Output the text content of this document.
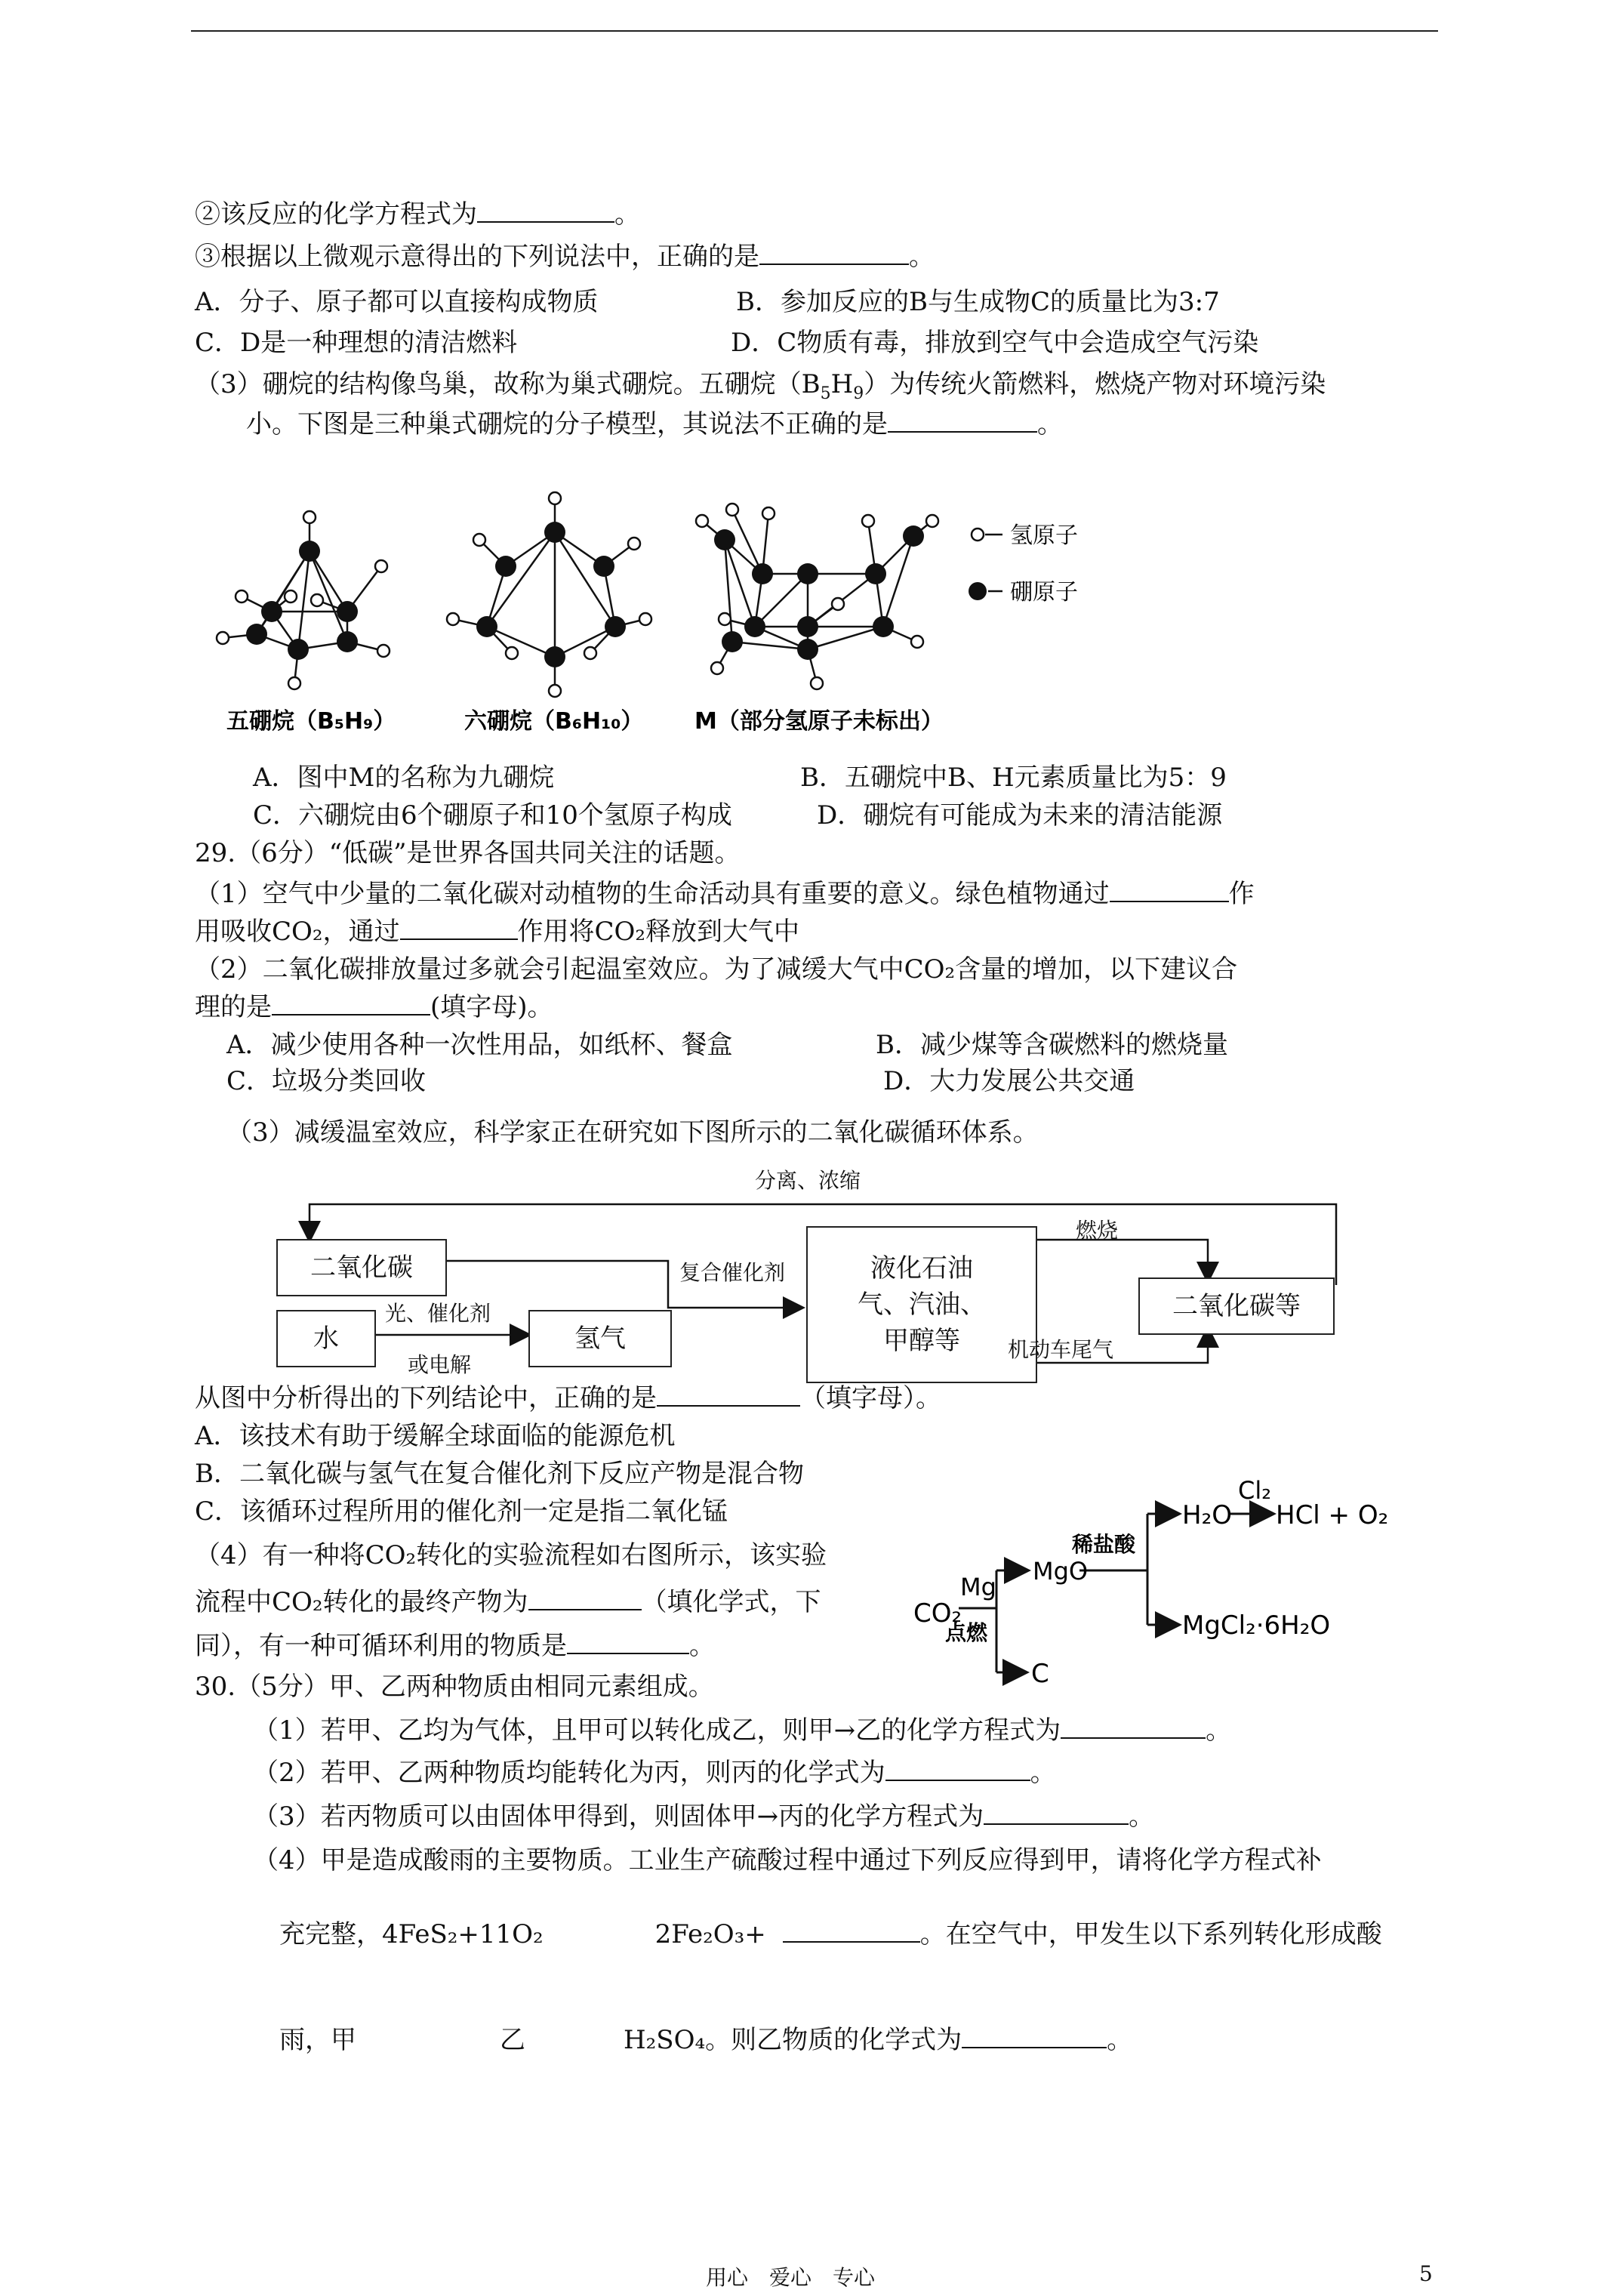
②该反应的化学方程式为	。
③根据以上微观示意得出的下列说法中，正确的是	。
A．分子、原子都可以直接构成物质	B．参加反应的B与生成物C的质量比为3:7
C．D是一种理想的清洁燃料	D．C物质有毒，排放到空气中会造成空气污染
（3）硼烷的结构像鸟巢，故称为巢式硼烷。五硼烷$(B_5H_9)$为传统火箭燃料，燃烧产物对环境污染
小。下图是三种巢式硼烷的分子模型，其说法不正确的是	。
氢原子
硼原子
五硼烷（B₅H₉）	六硼烷（B₆H₁₀） M（部分氢原子未标出）
A．图中M的名称为九硼烷	B．五硼烷中B、H元素质量比为5：9
C．六硼烷由6个硼原子和10个氢原子构成	D．硼烷有可能成为未来的清洁能源
29.（6分）“低碳”是世界各国共同关注的话题。
（1）空气中少量的二氧化碳对动植物的生命活动具有重要的意义。绿色植物通过	作
用吸收CO₂，通过	作用将CO₂释放到大气中
（2）二氧化碳排放量过多就会引起温室效应。为了减缓大气中CO₂含量的增加，以下建议合
理的是	(填字母)。
A．减少使用各种一次性用品，如纸杯、餐盒	B．减少煤等含碳燃料的燃烧量
C．垃圾分类回收	D．大力发展公共交通
（3）减缓温室效应，科学家正在研究如下图所示的二氧化碳循环体系。
分离、浓缩
二氧化碳
水	氢气
光、催化剂
或电解
复合催化剂	液化石油
气、汽油、
甲醇等
燃烧
机动车尾气
二氧化碳等
从图中分析得出的下列结论中，正确的是	（填字母）。
A．该技术有助于缓解全球面临的能源危机
B．二氧化碳与氢气在复合催化剂下反应产物是混合物
C．该循环过程所用的催化剂一定是指二氧化锰
（4）有一种将CO₂转化的实验流程如右图所示，该实验
流程中CO₂转化的最终产物为	（填化学式，下
同），有一种可循环利用的物质是	。
CO₂
Mg
点燃
MgO
C
稀盐酸
H₂O
Cl₂
HCl + O₂
MgCl₂·6H₂O
30.（5分）甲、乙两种物质由相同元素组成。
（1）若甲、乙均为气体，且甲可以转化成乙，则甲→乙的化学方程式为	。
（2）若甲、乙两种物质均能转化为丙，则丙的化学式为	。
（3）若丙物质可以由固体甲得到，则固体甲→丙的化学方程式为	。
（4）甲是造成酸雨的主要物质。工业生产硫酸过程中通过下列反应得到甲，请将化学方程式补
充完整，4FeS₂+11O₂	2Fe₂O₃+	。在空气中，甲发生以下系列转化形成酸
雨，甲	乙	H₂SO₄。则乙物质的化学式为	。
用心　爱心　专心	5
